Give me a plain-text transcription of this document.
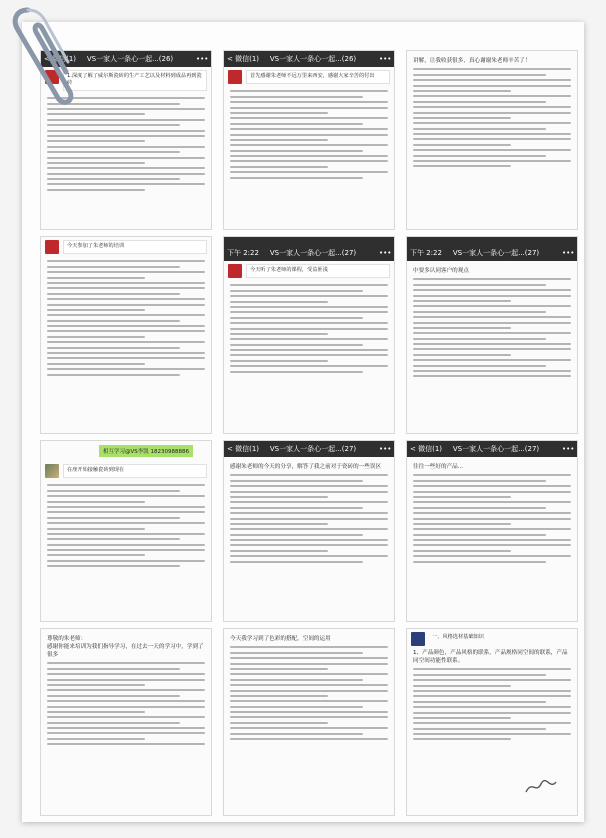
< 微信(1)	VS一家人一条心一起...(26)	•••
1.深度了解了威尔斯瓷砖的生产工艺以及材料到成品再到瓷砖
今天参加了朱老师的培训
相互学习@VS李凯 18230988886
在座开始接触瓷砖到现在
尊敬的朱老师：
感谢你能来培训为我们指导学习，在过去一天的学习中，学到了很多
< 微信(1)	VS一家人一条心一起...(26)	•••
首先感谢朱老师不远万里来西安，感谢大家辛苦的付出
下午 2:22	VS一家人一条心一起...(27)	•••
今天听了朱老师的课程，受益匪浅
< 微信(1)	VS一家人一条心一起...(27)	•••
感谢朱老师的今天的分享，解答了我之前对于瓷砖的一些误区
今天我学习到了色彩的搭配，空间的运用
讲解，让我收获很多，真心谢谢朱老师辛苦了！
下午 2:22	VS一家人一条心一起...(27)	•••
中要多认同客户的观点
< 微信(1)	VS一家人一条心一起...(27)	•••
往往一些好的产品...
一、风格选材基础知识
1、产品颜色，产品风格的联系，产品规格同空间的联系，产品同空间功能性联系。
